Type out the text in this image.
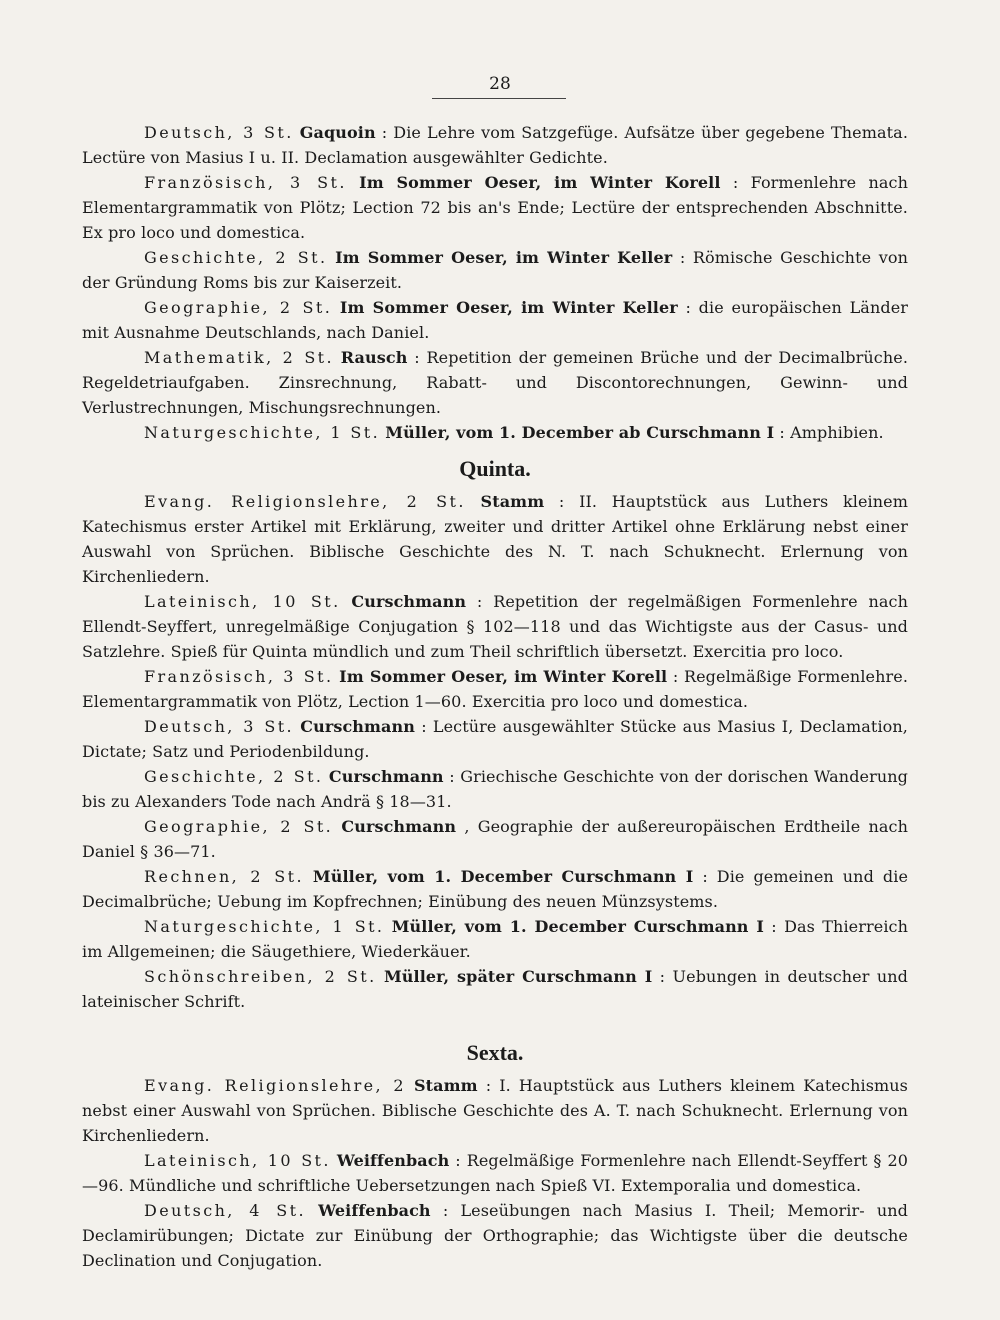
28

Deutsch, 3 St. Gaquoin : Die Lehre vom Satzgefüge. Aufsätze über gegebene Themata. Lectüre von Masius I u. II. Declamation ausgewählter Gedichte.

Französisch, 3 St. Im Sommer Oeser, im Winter Korell : Formenlehre nach Elementargrammatik von Plötz; Lection 72 bis an's Ende; Lectüre der entsprechenden Abschnitte. Ex pro loco und domestica.

Geschichte, 2 St. Im Sommer Oeser, im Winter Keller : Römische Geschichte von der Gründung Roms bis zur Kaiserzeit.

Geographie, 2 St. Im Sommer Oeser, im Winter Keller : die europäischen Länder mit Ausnahme Deutschlands, nach Daniel.

Mathematik, 2 St. Rausch : Repetition der gemeinen Brüche und der Decimalbrüche. Regeldetriaufgaben. Zinsrechnung, Rabatt- und Discontorechnungen, Gewinn- und Verlustrechnungen, Mischungsrechnungen.

Naturgeschichte, 1 St. Müller, vom 1. December ab Curschmann I : Amphibien.

Quinta.

Evang. Religionslehre, 2 St. Stamm : II. Hauptstück aus Luthers kleinem Katechismus erster Artikel mit Erklärung, zweiter und dritter Artikel ohne Erklärung nebst einer Auswahl von Sprüchen. Biblische Geschichte des N. T. nach Schuknecht. Erlernung von Kirchenliedern.

Lateinisch, 10 St. Curschmann : Repetition der regelmäßigen Formenlehre nach Ellendt-Seyffert, unregelmäßige Conjugation § 102—118 und das Wichtigste aus der Casus- und Satzlehre. Spieß für Quinta mündlich und zum Theil schriftlich übersetzt. Exercitia pro loco.

Französisch, 3 St. Im Sommer Oeser, im Winter Korell : Regelmäßige Formenlehre. Elementargrammatik von Plötz, Lection 1—60. Exercitia pro loco und domestica.

Deutsch, 3 St. Curschmann : Lectüre ausgewählter Stücke aus Masius I, Declamation, Dictate; Satz und Periodenbildung.

Geschichte, 2 St. Curschmann : Griechische Geschichte von der dorischen Wanderung bis zu Alexanders Tode nach Andrä § 18—31.

Geographie, 2 St. Curschmann , Geographie der außereuropäischen Erdtheile nach Daniel § 36—71.

Rechnen, 2 St. Müller, vom 1. December Curschmann I : Die gemeinen und die Decimalbrüche; Uebung im Kopfrechnen; Einübung des neuen Münzsystems.

Naturgeschichte, 1 St. Müller, vom 1. December Curschmann I : Das Thierreich im Allgemeinen; die Säugethiere, Wiederkäuer.

Schönschreiben, 2 St. Müller, später Curschmann I : Uebungen in deutscher und lateinischer Schrift.

Sexta.

Evang. Religionslehre, 2 Stamm : I. Hauptstück aus Luthers kleinem Katechismus nebst einer Auswahl von Sprüchen. Biblische Geschichte des A. T. nach Schuknecht. Erlernung von Kirchenliedern.

Lateinisch, 10 St. Weiffenbach : Regelmäßige Formenlehre nach Ellendt-Seyffert § 20—96. Mündliche und schriftliche Uebersetzungen nach Spieß VI. Extemporalia und domestica.

Deutsch, 4 St. Weiffenbach : Leseübungen nach Masius I. Theil; Memorir- und Declamirübungen; Dictate zur Einübung der Orthographie; das Wichtigste über die deutsche Declination und Conjugation.
